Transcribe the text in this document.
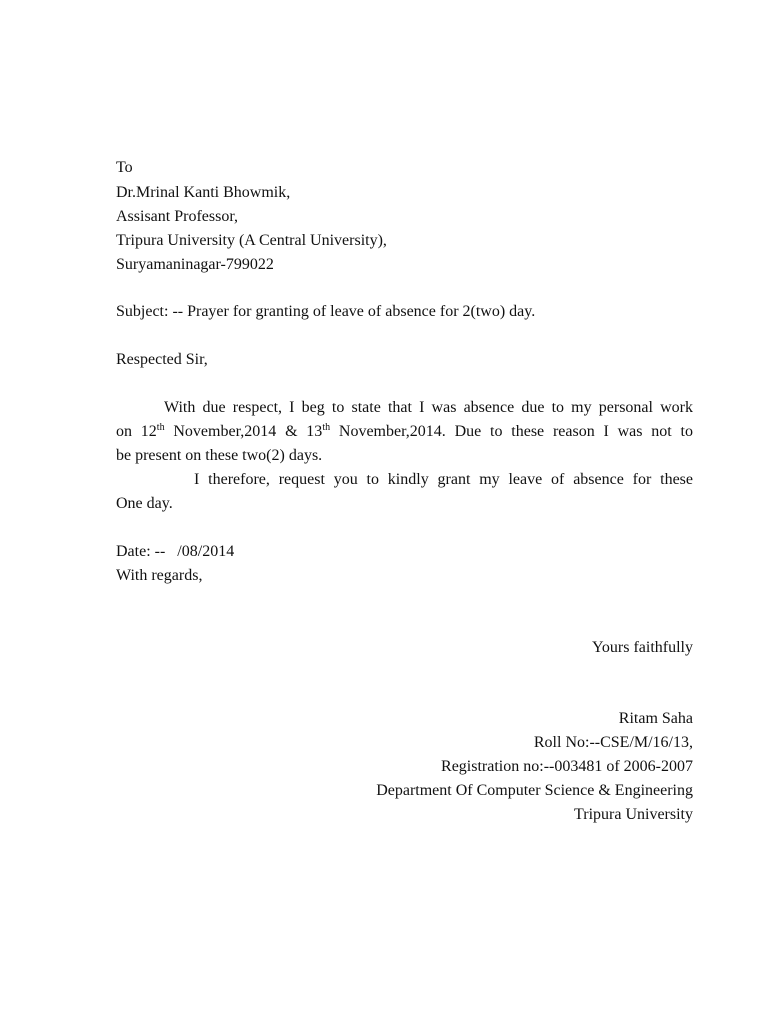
To
Dr.Mrinal Kanti Bhowmik,
Assisant Professor,
Tripura University (A Central University),
Suryamaninagar-799022
Subject: -- Prayer for granting of leave of absence for 2(two) day.
Respected Sir,
With due respect, I beg to state that I was absence due to my personal work
on 12th November,2014 & 13th November,2014. Due to these reason I was not to
be present on these two(2) days.
I therefore, request you to kindly grant my leave of absence for these
One day.
Date: --   /08/2014
With regards,
Yours faithfully
Ritam Saha
Roll No:--CSE/M/16/13,
Registration no:--003481 of 2006-2007
Department Of Computer Science & Engineering
Tripura University
